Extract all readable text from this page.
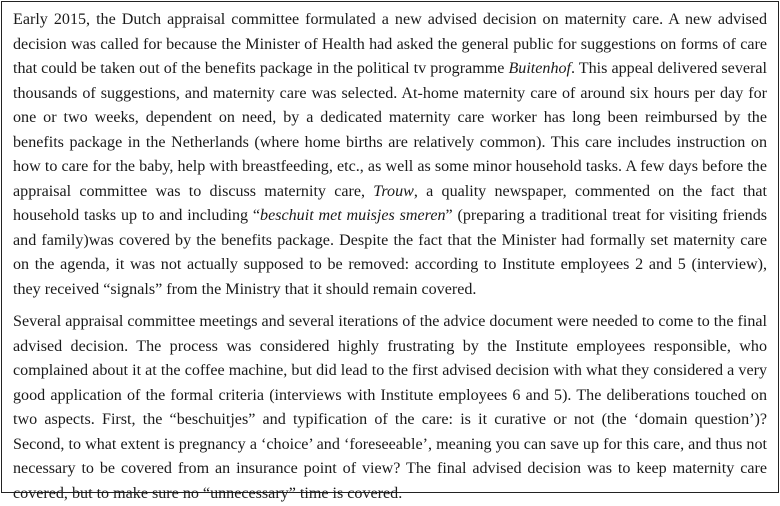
Early 2015, the Dutch appraisal committee formulated a new advised decision on maternity care. A new advised decision was called for because the Minister of Health had asked the general public for suggestions on forms of care that could be taken out of the benefits package in the political tv programme Buitenhof. This appeal delivered several thousands of suggestions, and maternity care was selected. At-home maternity care of around six hours per day for one or two weeks, dependent on need, by a dedicated maternity care worker has long been reimbursed by the benefits package in the Netherlands (where home births are relatively common). This care includes instruction on how to care for the baby, help with breastfeeding, etc., as well as some minor household tasks. A few days before the appraisal committee was to discuss maternity care, Trouw, a quality newspaper, commented on the fact that household tasks up to and including “beschuit met muisjes smeren” (preparing a traditional treat for visiting friends and family)was covered by the benefits package. Despite the fact that the Minister had formally set maternity care on the agenda, it was not actually supposed to be removed: according to Institute employees 2 and 5 (interview), they received “signals” from the Ministry that it should remain covered.

Several appraisal committee meetings and several iterations of the advice document were needed to come to the final advised decision. The process was considered highly frustrating by the Institute employees responsible, who complained about it at the coffee machine, but did lead to the first advised decision with what they considered a very good application of the formal criteria (interviews with Institute employees 6 and 5). The deliberations touched on two aspects. First, the “beschuitjes” and typification of the care: is it curative or not (the ‘domain question’)? Second, to what extent is pregnancy a ‘choice’ and ‘foreseeable’, meaning you can save up for this care, and thus not necessary to be covered from an insurance point of view? The final advised decision was to keep maternity care covered, but to make sure no “unnecessary” time is covered.
